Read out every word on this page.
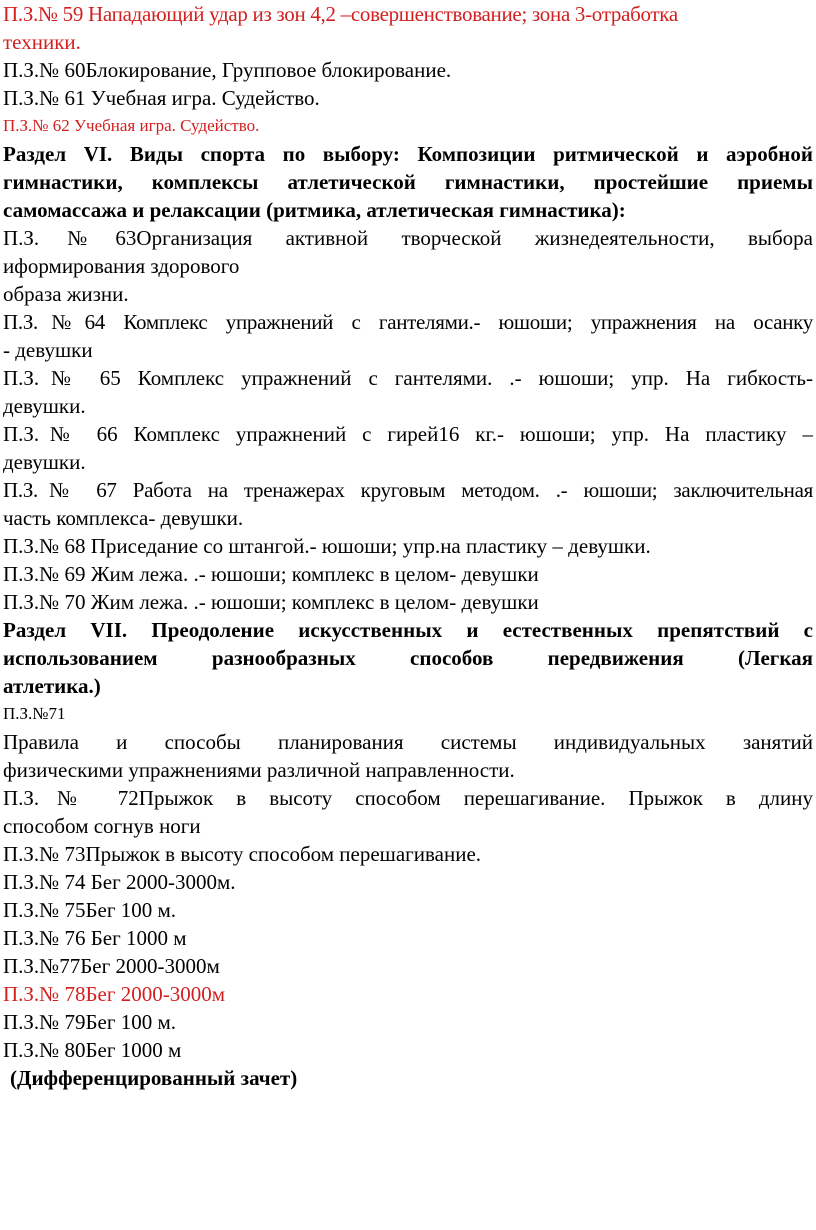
П.З.№ 59 Нападающий удар из зон 4,2 –совершенствование; зона 3-отработка

техники.

П.З.№ 60Блокирование, Групповое блокирование.

П.З.№ 61 Учебная игра. Судейство.

П.З.№ 62 Учебная игра. Судейство.

Раздел VI. Виды спорта по выбору: Композиции ритмической и аэробной

гимнастики, комплексы атлетической гимнастики, простейшие приемы

самомассажа и релаксации (ритмика, атлетическая гимнастика):

П.З.№63Организация активной творческой жизнедеятельности, выбора

иформирования здорового

образа жизни.

П.З.№64 Комплекс упражнений с гантелями.- юшоши; упражнения на осанку

- девушки

П.З.№ 65 Комплекс упражнений с гантелями. .- юшоши; упр. На гибкость-

девушки.

П.З.№ 66 Комплекс упражнений с гирей16 кг.- юшоши; упр. На пластику –

девушки.

П.З.№ 67 Работа на тренажерах круговым методом. .- юшоши; заключительная

часть комплекса- девушки.

П.З.№ 68 Приседание со штангой.- юшоши; упр.на пластику – девушки.

П.З.№ 69 Жим лежа. .- юшоши; комплекс в целом- девушки

П.З.№ 70 Жим лежа. .- юшоши; комплекс в целом- девушки

Раздел VII. Преодоление искусственных и естественных препятствий с

использованием разнообразных способов передвижения (Легкая

атлетика.)

П.З.№71

Правила и способы планирования системы индивидуальных занятий

физическими упражнениями различной направленности.

П.З.№ 72Прыжок в высоту способом перешагивание. Прыжок в длину

способом согнув ноги

П.З.№ 73Прыжок в высоту способом перешагивание.

П.З.№ 74 Бег 2000-3000м.

П.З.№ 75Бег 100 м.

П.З.№ 76 Бег 1000 м

П.З.№77Бег 2000-3000м

П.З.№ 78Бег 2000-3000м

П.З.№ 79Бег 100 м.

П.З.№ 80Бег 1000 м

(Дифференцированный зачет)
